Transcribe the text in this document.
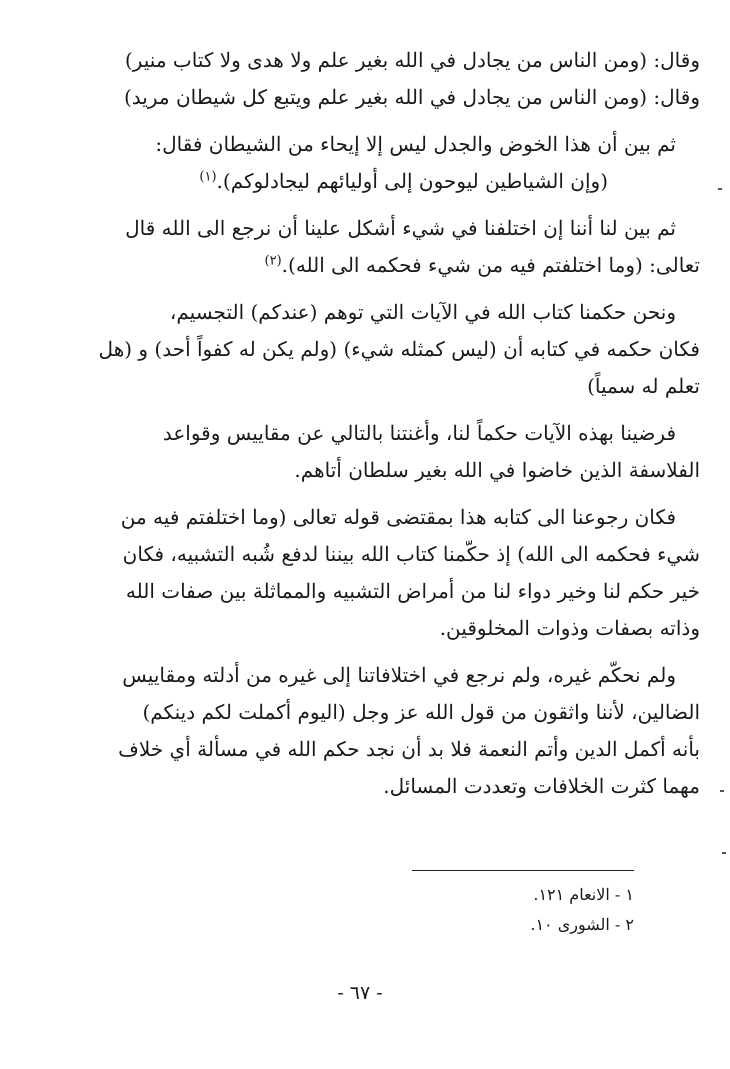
وقال: (ومن الناس من يجادل في الله بغير علم ولا هدى ولا كتاب منير)
وقال: (ومن الناس من يجادل في الله بغير علم ويتبع كل شيطان مريد)

ثم بين أن هذا الخوض والجدل ليس إلا إيحاء من الشيطان فقال:
(وإن الشياطين ليوحون إلى أوليائهم ليجادلوكم).$^{(١)}$

ثم بين لنا أننا إن اختلفنا في شيء أشكل علينا أن نرجع الى الله قال
تعالى: (وما اختلفتم فيه من شيء فحكمه الى الله).$^{(٢)}$

ونحن حكمنا كتاب الله في الآيات التي توهم (عندكم) التجسيم،
فكان حكمه في كتابه أن (ليس كمثله شيء) (ولم يكن له كفواً أحد) و (هل
تعلم له سمياً)

فرضينا بهذه الآيات حكماً لنا، وأغنتنا بالتالي عن مقاييس وقواعد
الفلاسفة الذين خاضوا في الله بغير سلطان أتاهم.

فكان رجوعنا الى كتابه هذا بمقتضى قوله تعالى (وما اختلفتم فيه من
شيء فحكمه الى الله) إذ حكّمنا كتاب الله بيننا لدفع شُبه التشبيه، فكان
خير حكم لنا وخير دواء لنا من أمراض التشبيه والمماثلة بين صفات الله
وذاته بصفات وذوات المخلوقين.

ولم نحكّم غيره، ولم نرجع في اختلافاتنا إلى غيره من أدلته ومقاييس
الضالين، لأننا واثقون من قول الله عز وجل (اليوم أكملت لكم دينكم)
بأنه أكمل الدين وأتم النعمة فلا بد أن نجد حكم الله في مسألة أي خلاف
مهما كثرت الخلافات وتعددت المسائل.

١ - الانعام ١٢١.
٢ - الشورى ١٠.
- ٦٧ -
